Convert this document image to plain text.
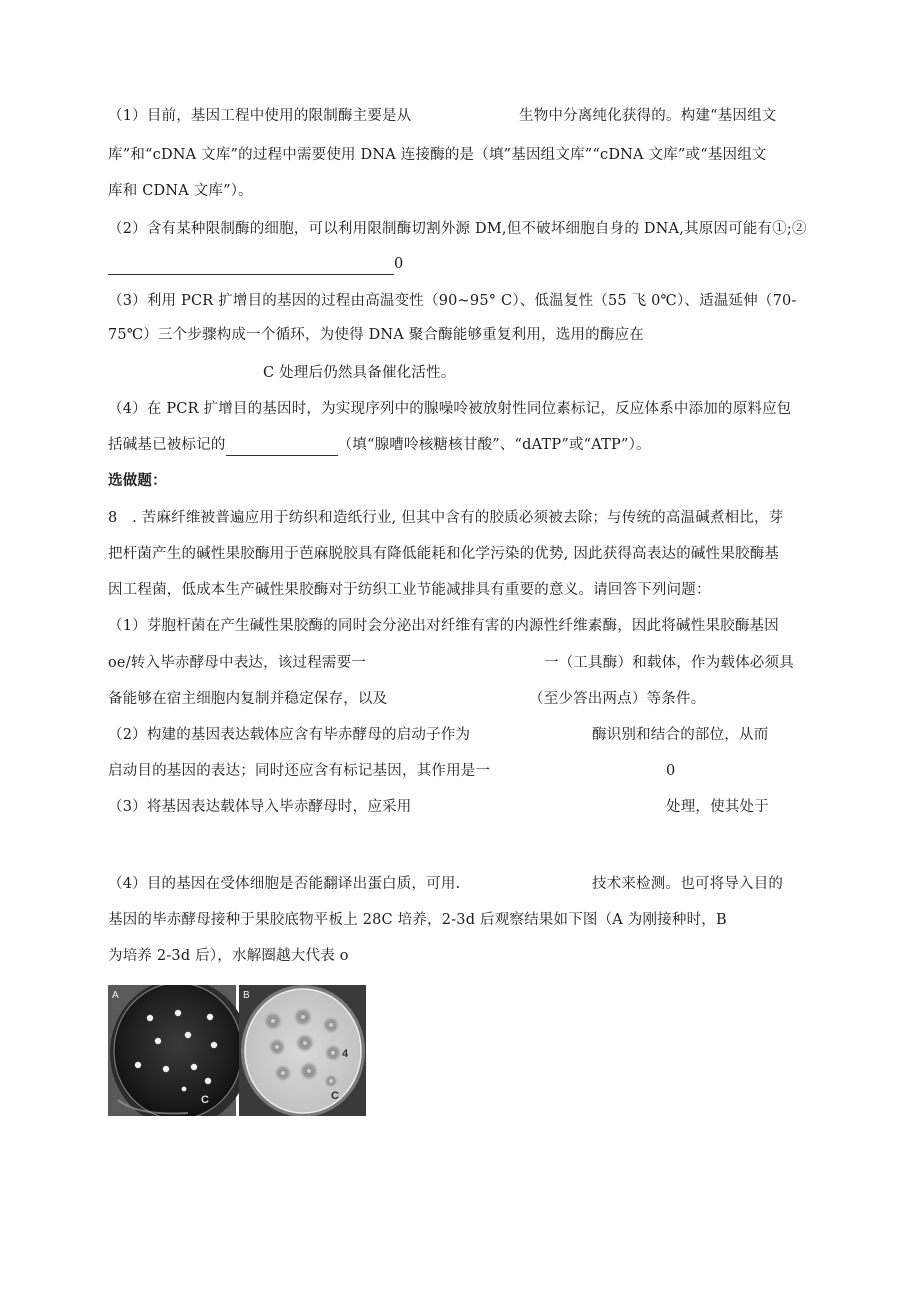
（1）目前，基因工程中使用的限制酶主要是从	生物中分离纯化获得的。构建“基因组文
库”和“cDNA 文库”的过程中需要使用 DNA 连接酶的是（填”基因组文库”“cDNA 文库”或“基因组文
库和 CDNA 文库”）。
（2）含有某种限制酶的细胞，可以利用限制酶切割外源 DM,但不破坏细胞自身的 DNA,其原因可能有①;②
0
（3）利用 PCR 扩增目的基因的过程由高温变性（90~95° C）、低温复性（55 飞 0℃）、适温延伸（70-
75℃）三个步骤构成一个循环，为使得 DNA 聚合酶能够重复利用，选用的酶应在
C 处理后仍然具备催化活性。
（4）在 PCR 扩增目的基因时，为实现序列中的腺噪呤被放射性同位素标记，反应体系中添加的原料应包
括碱基已被标记的	（填“腺嘈呤核糖核甘酸”、“dATP”或“ATP”）。
选做题：
8　. 苦麻纤维被普遍应用于纺织和造纸行业, 但其中含有的胶质必须被去除；与传统的高温碱煮相比，芽
把杆菌产生的碱性果胶酶用于芭麻脱胶具有降低能耗和化学污染的优势, 因此获得高表达的碱性果胶酶基
因工程菌，低成本生产碱性果胶酶对于纺织工业节能减排具有重要的意义。请回答下列问题：
（1）芽胞杆菌在产生碱性果胶酶的同时会分泌出对纤维有害的内源性纤维素酶，因此将碱性果胶酶基因
oe/转入毕赤酵母中表达，该过程需要一	一（工具酶）和载体，作为载体必须具
备能够在宿主细胞内复制并稳定保存，以及	（至少答出两点）等条件。
（2）构建的基因表达载体应含有毕赤酵母的启动子作为	酶识别和结合的部位，从而
启动目的基因的表达；同时还应含有标记基因，其作用是一	0
（3）将基因表达载体导入毕赤酵母时，应采用	处理，使其处于
（4）目的基因在受体细胞是否能翻译出蛋白质，可用.	技术来检测。也可将导入目的
基因的毕赤酵母接种于果胶底物平板上 28C 培养，2-3d 后观察结果如下图（A 为刚接种时，B
为培养 2-3d 后），水解圈越大代表 o
A
C
B
4
C
